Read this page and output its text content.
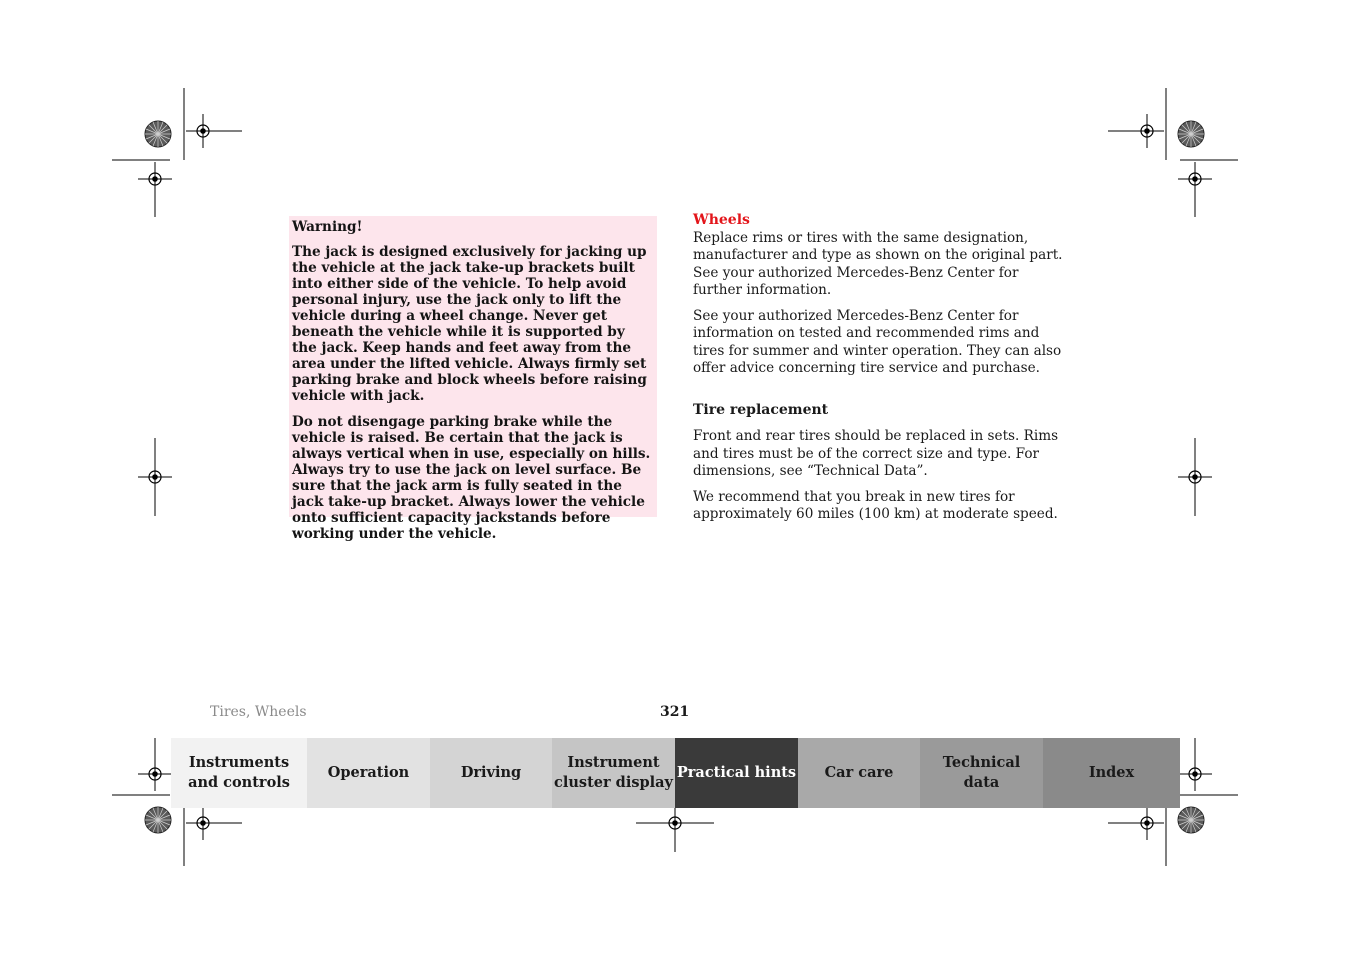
Warning!

The jack is designed exclusively for jacking up the vehicle at the jack take-up brackets built into either side of the vehicle. To help avoid personal injury, use the jack only to lift the vehicle during a wheel change. Never get beneath the vehicle while it is supported by the jack. Keep hands and feet away from the area under the lifted vehicle. Always firmly set parking brake and block wheels before raising vehicle with jack.

Do not disengage parking brake while the vehicle is raised. Be certain that the jack is always vertical when in use, especially on hills. Always try to use the jack on level surface. Be sure that the jack arm is fully seated in the jack take-up bracket. Always lower the vehicle onto sufficient capacity jackstands before working under the vehicle.

Wheels

Replace rims or tires with the same designation, manufacturer and type as shown on the original part. See your authorized Mercedes-Benz Center for further information.

See your authorized Mercedes-Benz Center for information on tested and recommended rims and tires for summer and winter operation. They can also offer advice concerning tire service and purchase.

Tire replacement

Front and rear tires should be replaced in sets. Rims and tires must be of the correct size and type. For dimensions, see “Technical Data”.

We recommend that you break in new tires for approximately 60 miles (100 km) at moderate speed.

Tires, Wheels	321
Instruments
and controls
Operation	Driving
Instrument
cluster display
Practical hints	Car care
Technical
data
Index
